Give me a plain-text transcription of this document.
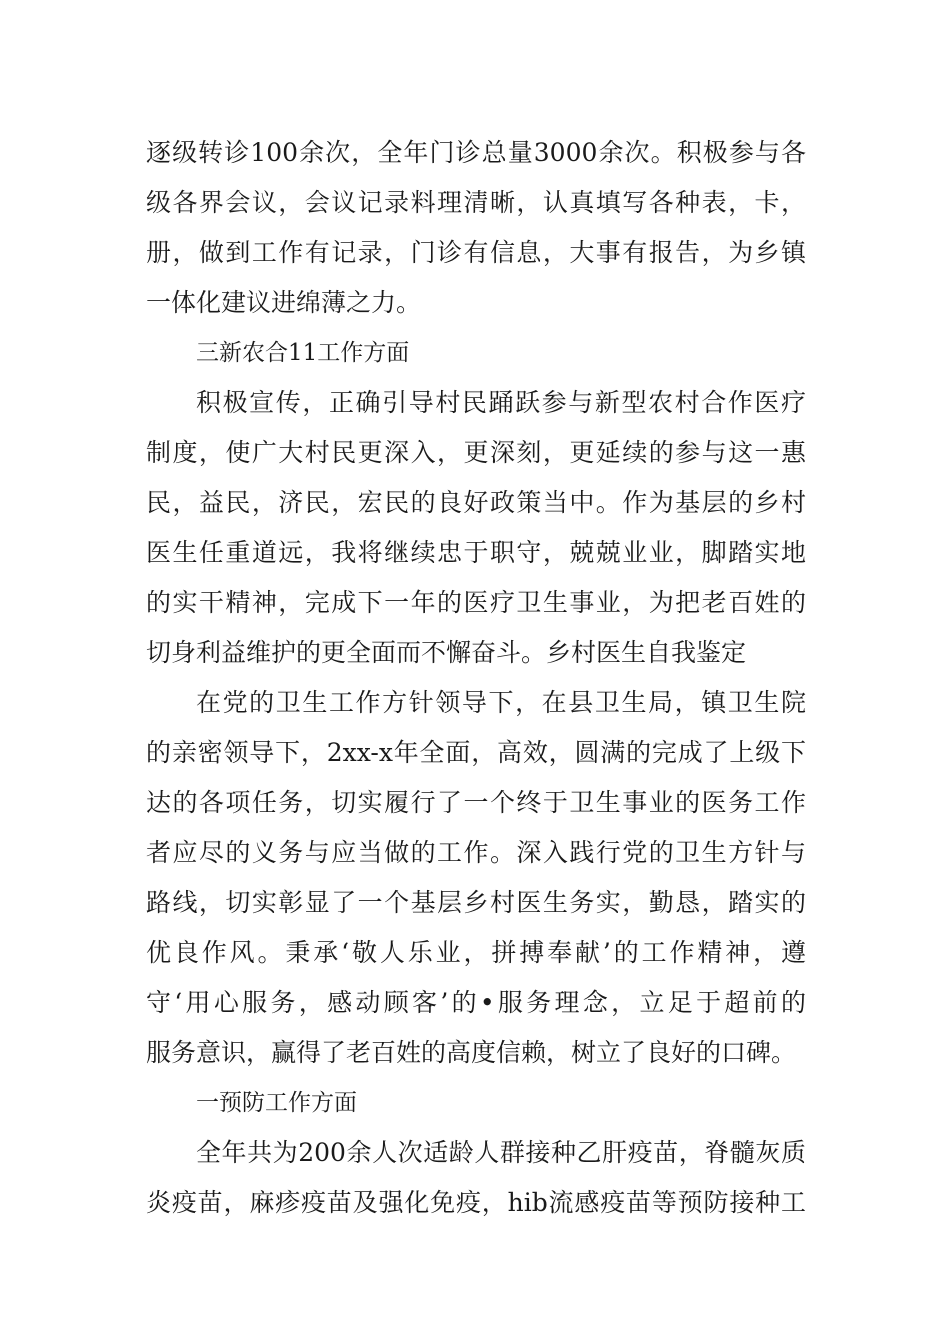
逐级转诊100余次，全年门诊总量3000余次。积极参与各
级各界会议，会议记录料理清晰，认真填写各种表，卡，
册，做到工作有记录，门诊有信息，大事有报告，为乡镇
一体化建议进绵薄之力。
三新农合11工作方面
积极宣传，正确引导村民踊跃参与新型农村合作医疗
制度，使广大村民更深入，更深刻，更延续的参与这一惠
民，益民，济民，宏民的良好政策当中。作为基层的乡村
医生任重道远，我将继续忠于职守，兢兢业业，脚踏实地
的实干精神，完成下一年的医疗卫生事业，为把老百姓的
切身利益维护的更全面而不懈奋斗。乡村医生自我鉴定
在党的卫生工作方针领导下，在县卫生局，镇卫生院
的亲密领导下，2xx-x年全面，高效，圆满的完成了上级下
达的各项任务，切实履行了一个终于卫生事业的医务工作
者应尽的义务与应当做的工作。深入践行党的卫生方针与
路线，切实彰显了一个基层乡村医生务实，勤恳，踏实的
优良作风。秉承‘敬人乐业，拼搏奉献’的工作精神，遵
守‘用心服务，感动顾客’的•服务理念，立足于超前的
服务意识，赢得了老百姓的高度信赖，树立了良好的口碑。
一预防工作方面
全年共为200余人次适龄人群接种乙肝疫苗，脊髓灰质
炎疫苗，麻疹疫苗及强化免疫，hib流感疫苗等预防接种工
